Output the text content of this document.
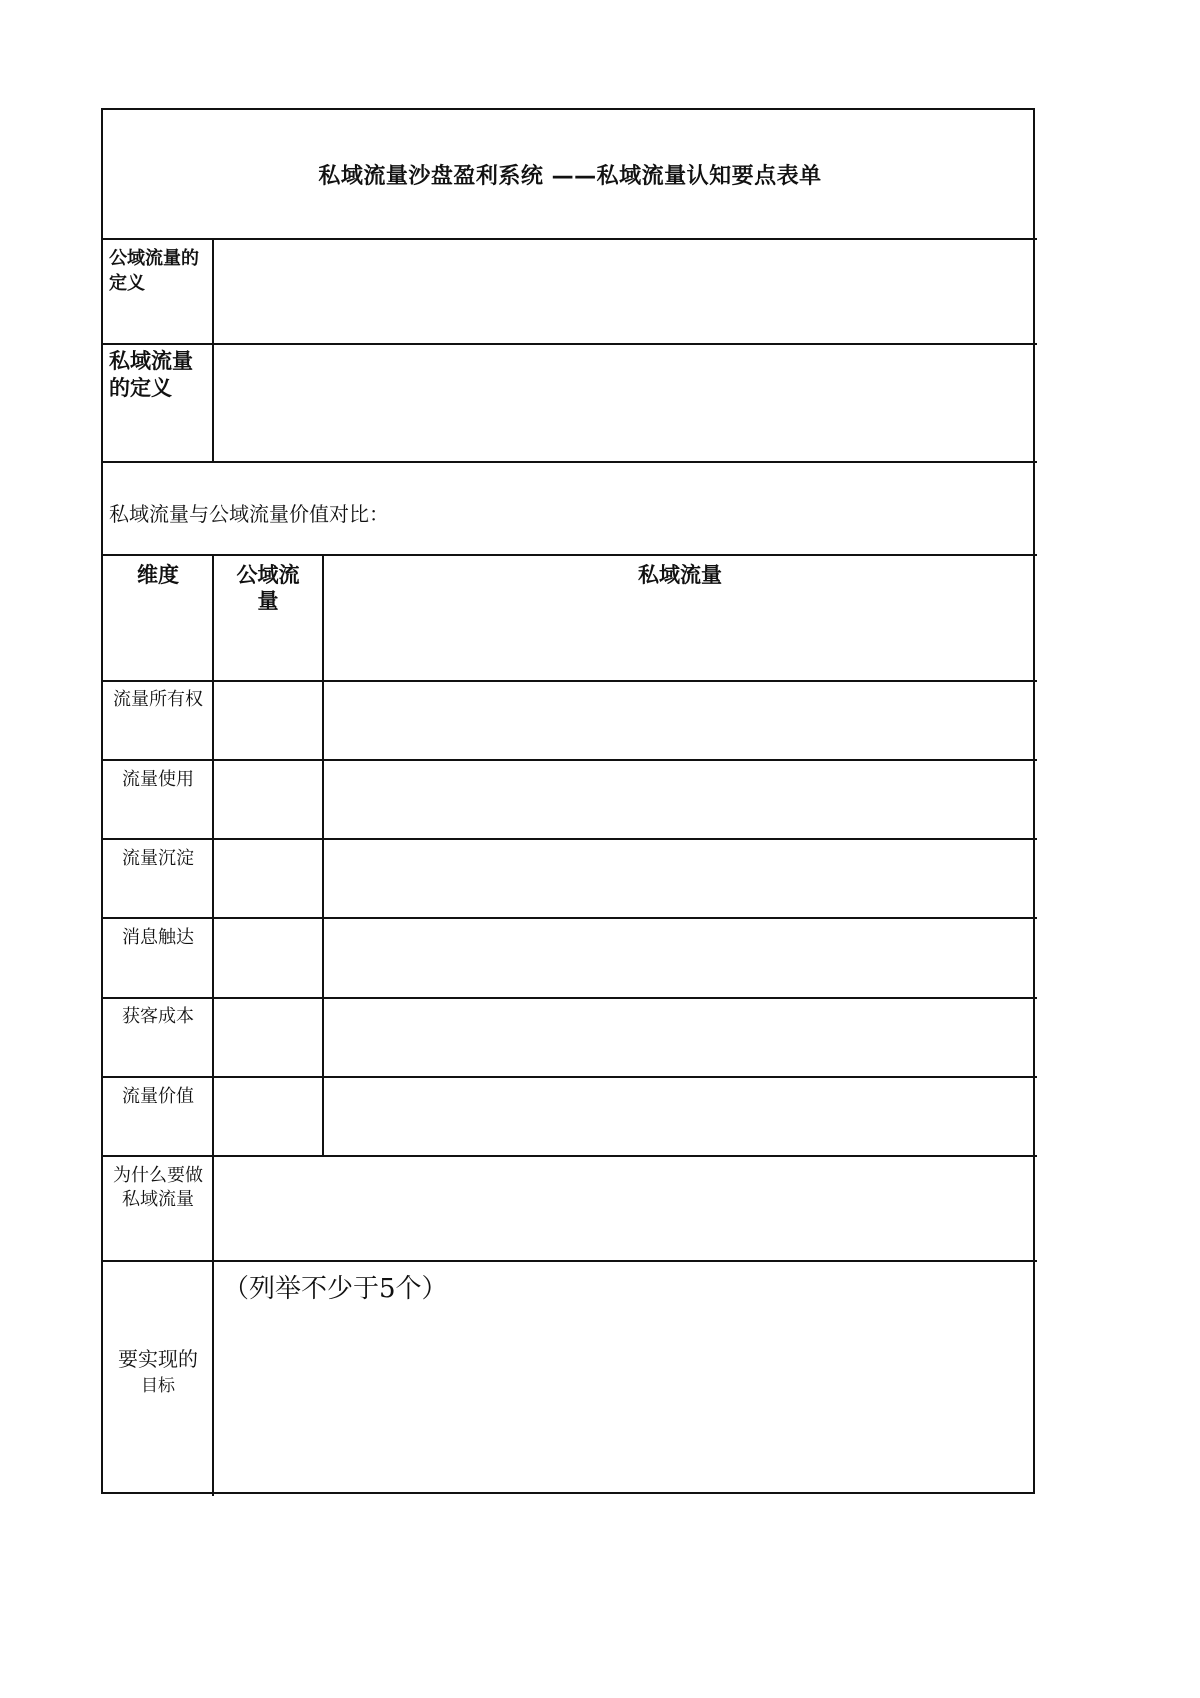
私域流量沙盘盈利系统 ——私域流量认知要点表单
公域流量的定义
私域流量的定义
私域流量与公域流量价值对比：
维度	公域流
量
私域流量
流量所有权
流量使用
流量沉淀
消息触达
获客成本
流量价值
为什么要做私域流量
要实现的
目标
（列举不少于5个）
